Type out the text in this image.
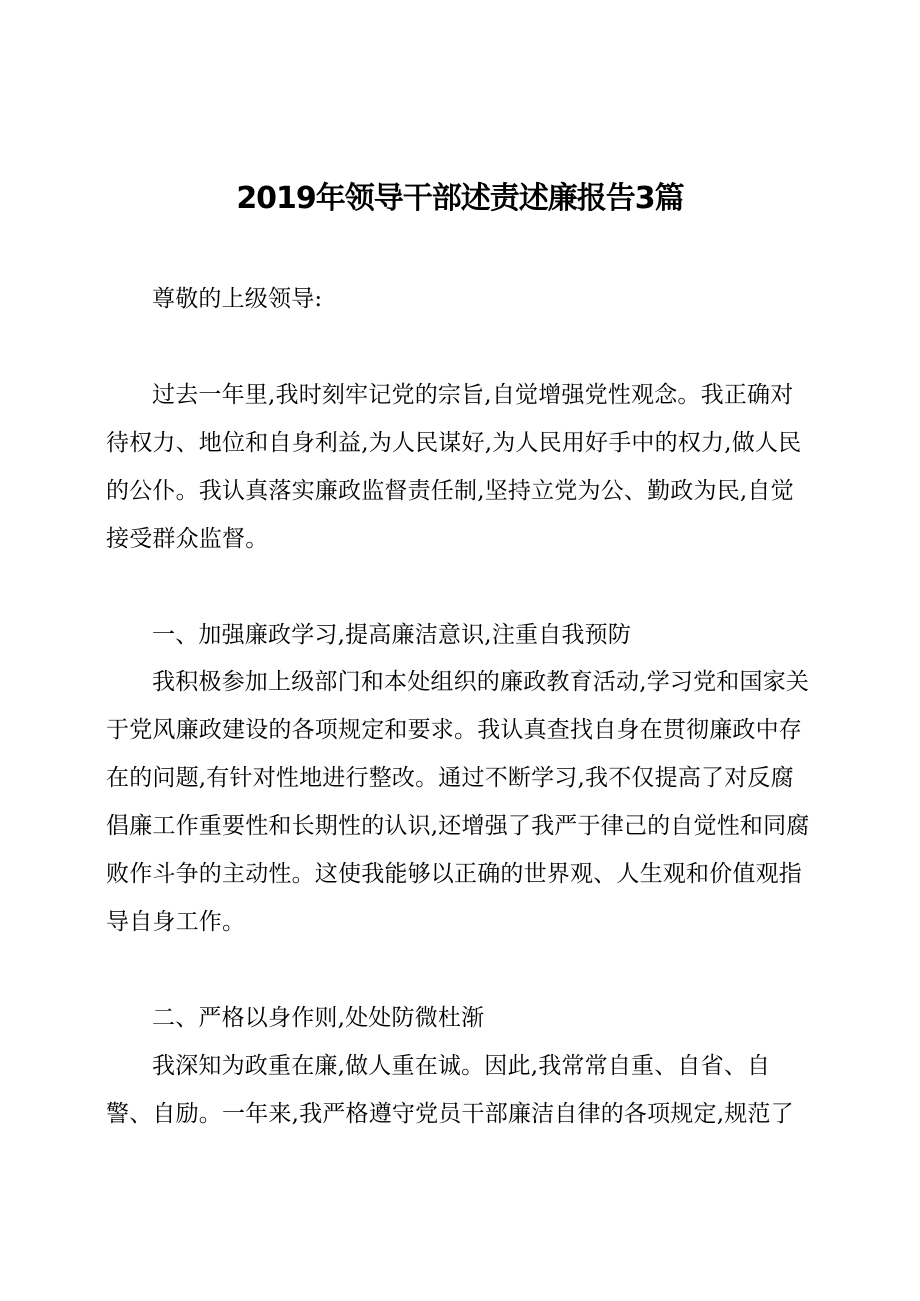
2019年领导干部述责述廉报告3篇
尊敬的上级领导:
过去一年里,我时刻牢记党的宗旨,自觉增强党性观念。我正确对
待权力、地位和自身利益,为人民谋好,为人民用好手中的权力,做人民
的公仆。我认真落实廉政监督责任制,坚持立党为公、勤政为民,自觉
接受群众监督。
一、加强廉政学习,提高廉洁意识,注重自我预防
我积极参加上级部门和本处组织的廉政教育活动,学习党和国家关
于党风廉政建设的各项规定和要求。我认真查找自身在贯彻廉政中存
在的问题,有针对性地进行整改。通过不断学习,我不仅提高了对反腐
倡廉工作重要性和长期性的认识,还增强了我严于律己的自觉性和同腐
败作斗争的主动性。这使我能够以正确的世界观、人生观和价值观指
导自身工作。
二、严格以身作则,处处防微杜渐
我深知为政重在廉,做人重在诚。因此,我常常自重、自省、自
警、自励。一年来,我严格遵守党员干部廉洁自律的各项规定,规范了
